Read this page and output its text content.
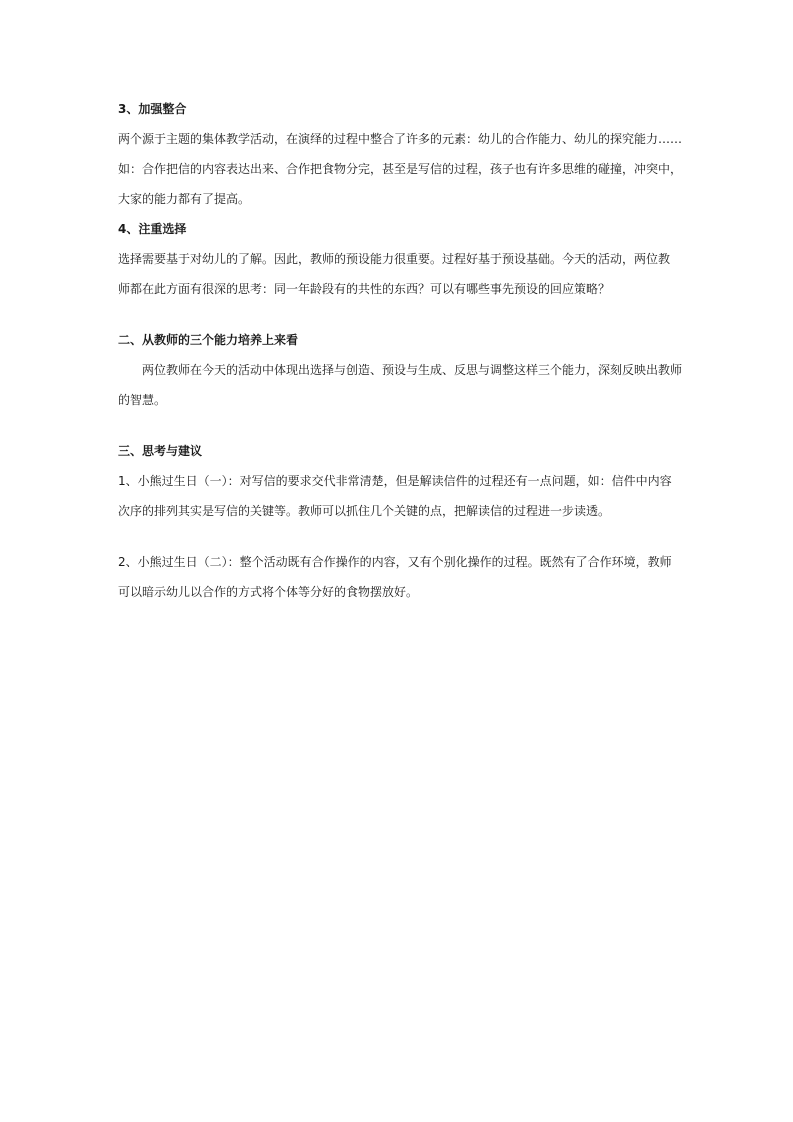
3、加强整合
两个源于主题的集体教学活动，在演绎的过程中整合了许多的元素：幼儿的合作能力、幼儿的探究能力……
如：合作把信的内容表达出来、合作把食物分完，甚至是写信的过程，孩子也有许多思维的碰撞，冲突中，
大家的能力都有了提高。
4、注重选择
选择需要基于对幼儿的了解。因此，教师的预设能力很重要。过程好基于预设基础。今天的活动，两位教
师都在此方面有很深的思考：同一年龄段有的共性的东西？可以有哪些事先预设的回应策略？
二、从教师的三个能力培养上来看
两位教师在今天的活动中体现出选择与创造、预设与生成、反思与调整这样三个能力，深刻反映出教师
的智慧。
三、思考与建议
1、小熊过生日（一）：对写信的要求交代非常清楚，但是解读信件的过程还有一点问题，如：信件中内容
次序的排列其实是写信的关键等。教师可以抓住几个关键的点，把解读信的过程进一步读透。
2、小熊过生日（二）：整个活动既有合作操作的内容，又有个别化操作的过程。既然有了合作环境，教师
可以暗示幼儿以合作的方式将个体等分好的食物摆放好。
